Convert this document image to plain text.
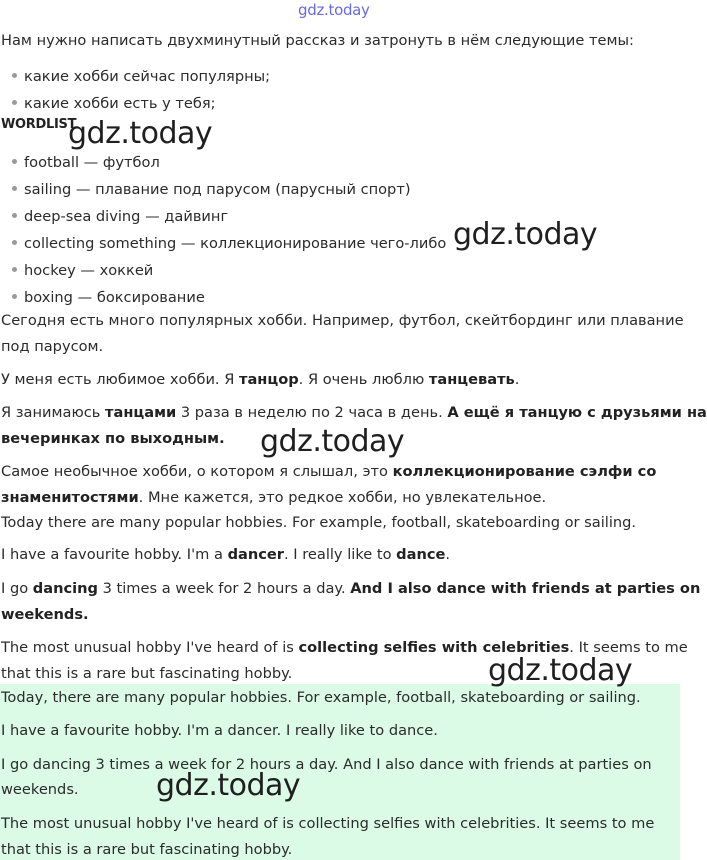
gdz.today
Нам нужно написать двухминутный рассказ и затронуть в нём следующие темы:
какие хобби сейчас популярны;
какие хобби есть у тебя;
WORDLIST
football — футбол
sailing — плавание под парусом (парусный спорт)
deep-sea diving — дайвинг
collecting something — коллекционирование чего-либо
hockey — хоккей
boxing — боксирование
Сегодня есть много популярных хобби. Например, футбол, скейтбординг или плавание
под парусом.
У меня есть любимое хобби. Я танцор. Я очень люблю танцевать.
Я занимаюсь танцами 3 раза в неделю по 2 часа в день. А ещё я танцую с друзьями на
вечеринках по выходным.
Самое необычное хобби, о котором я слышал, это коллекционирование сэлфи со
знаменитостями. Мне кажется, это редкое хобби, но увлекательное.
Today there are many popular hobbies. For example, football, skateboarding or sailing.
I have a favourite hobby. I'm a dancer. I really like to dance.
I go dancing 3 times a week for 2 hours a day. And I also dance with friends at parties on
weekends.
The most unusual hobby I've heard of is collecting selfies with celebrities. It seems to me
that this is a rare but fascinating hobby.
Today, there are many popular hobbies. For example, football, skateboarding or sailing.
I have a favourite hobby. I'm a dancer. I really like to dance.
I go dancing 3 times a week for 2 hours a day. And I also dance with friends at parties on
weekends.
The most unusual hobby I've heard of is collecting selfies with celebrities. It seems to me
that this is a rare but fascinating hobby.
gdz.today
gdz.today
gdz.today
gdz.today
gdz.today
